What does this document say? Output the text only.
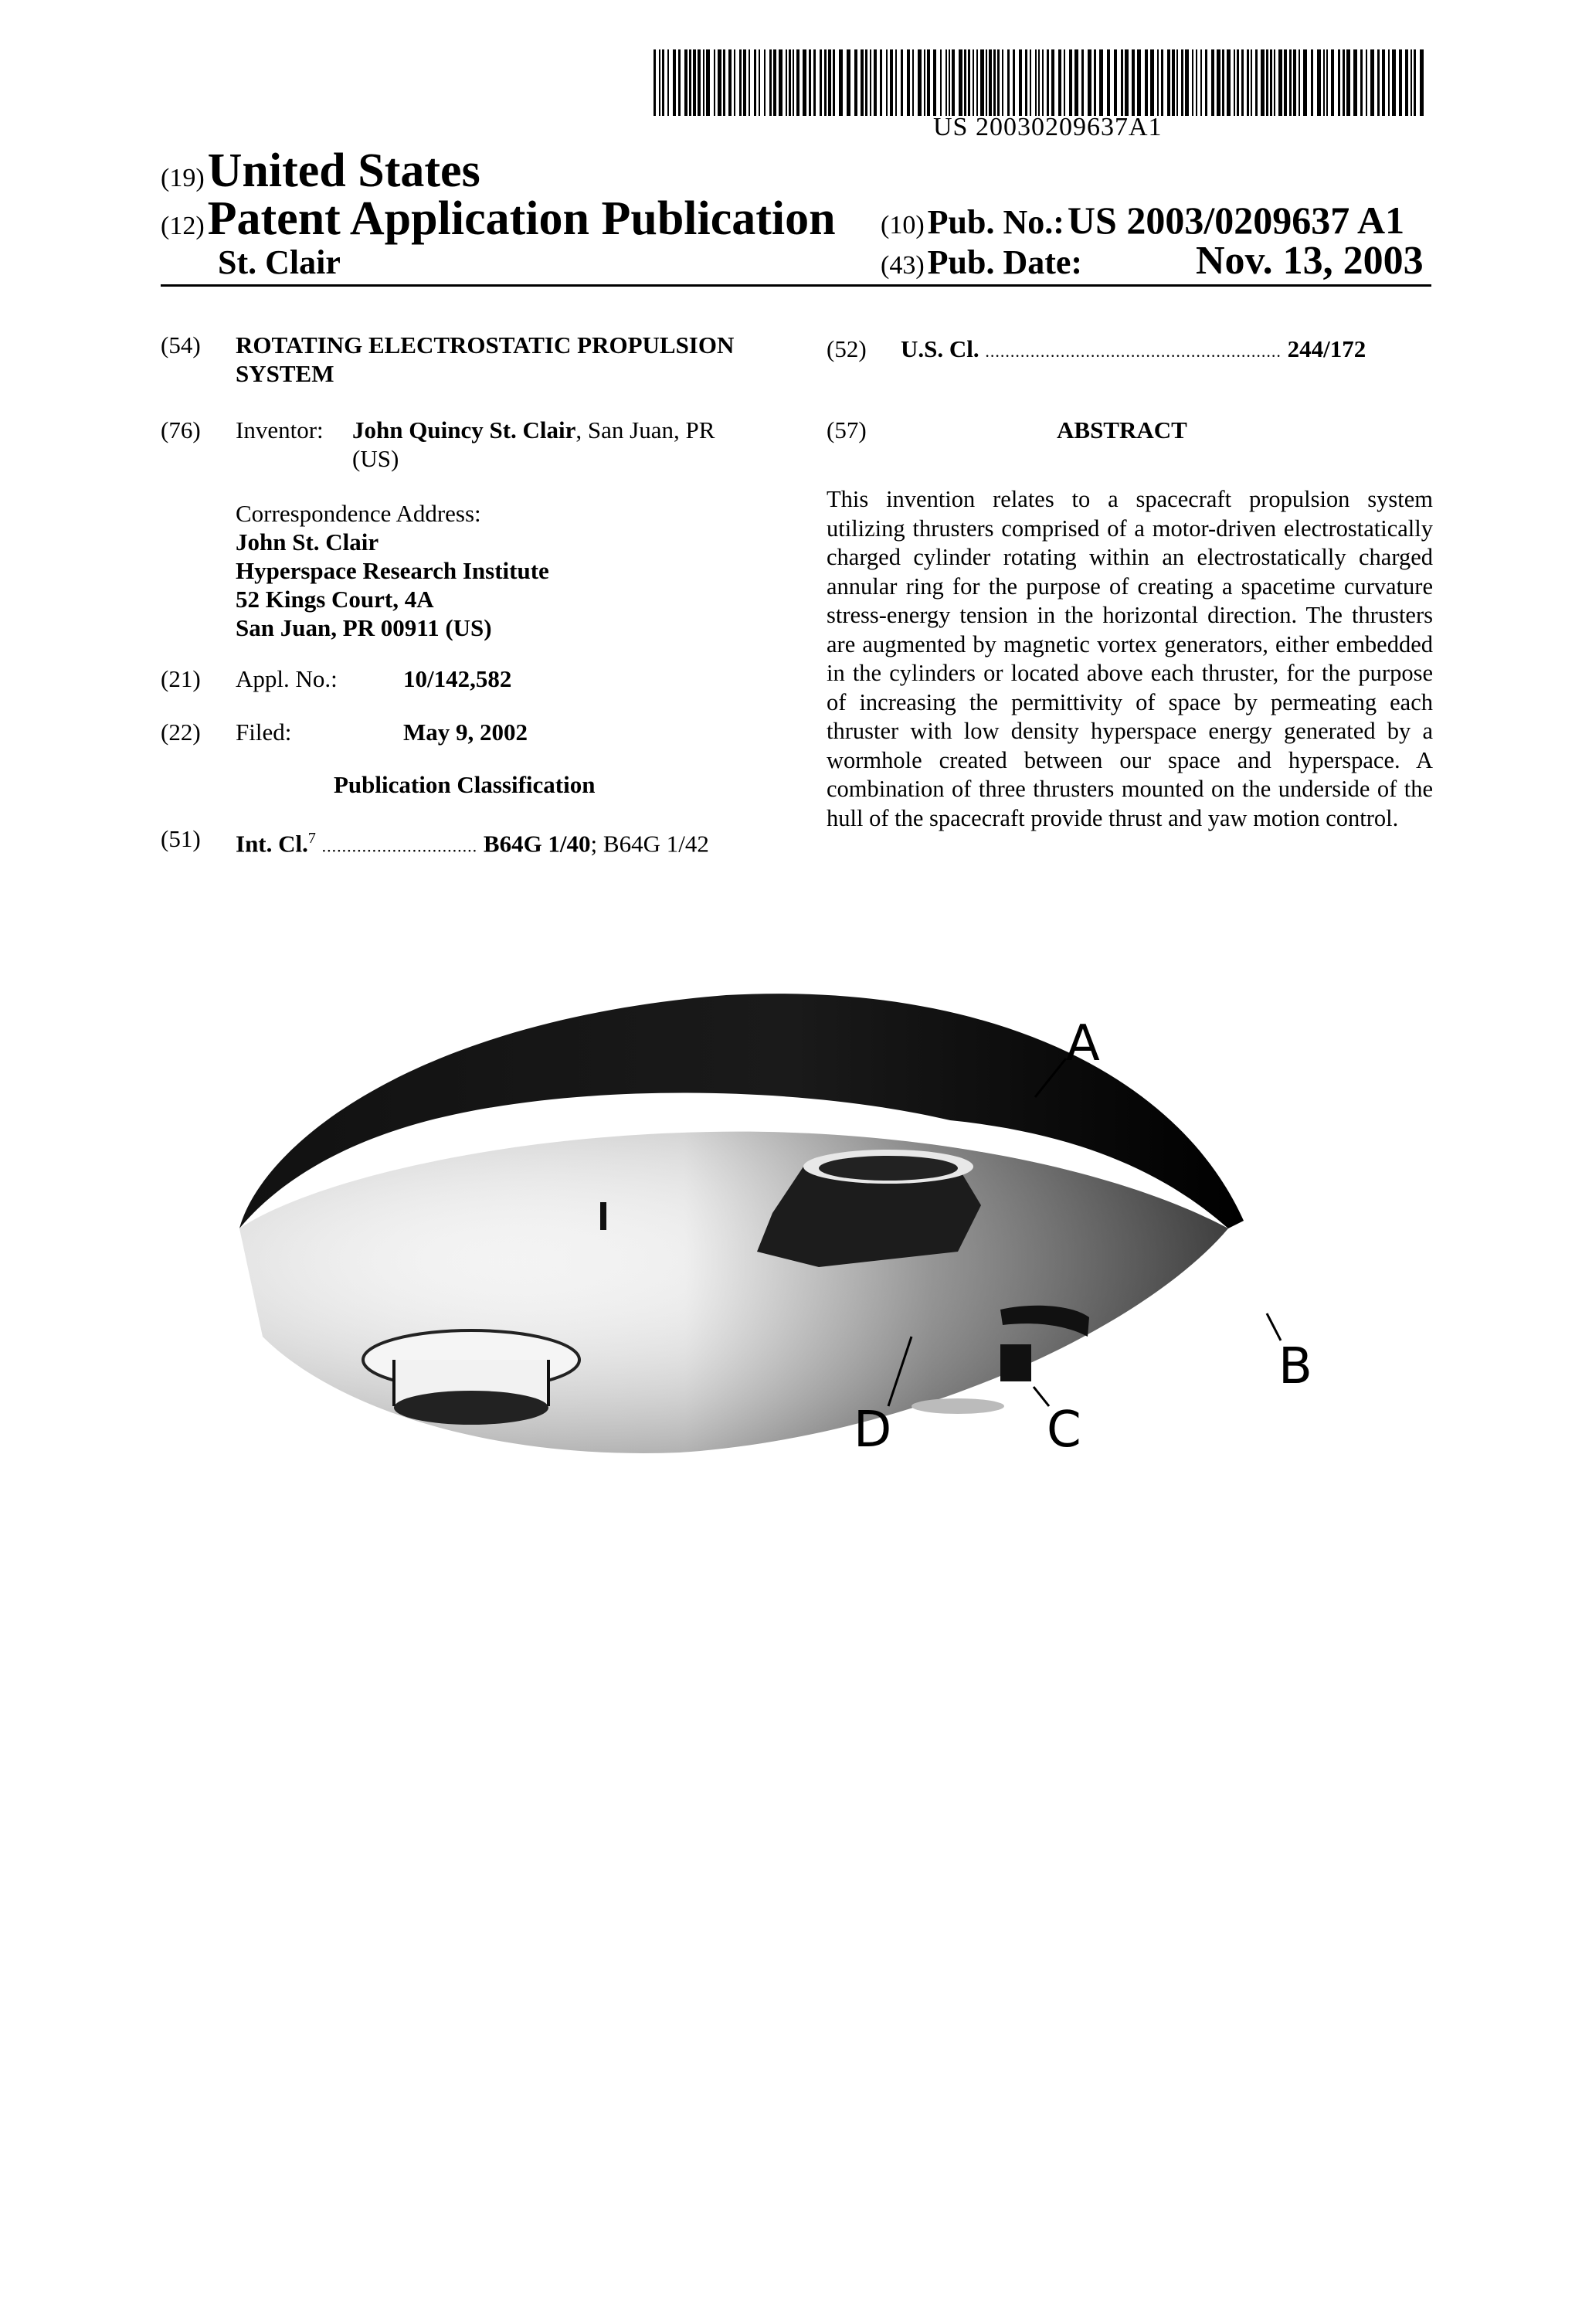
US 20030209637A1
(19) United States
(12) Patent Application Publication
St. Clair
(10) Pub. No.: US 2003/0209637 A1
(43) Pub. Date:	Nov. 13, 2003
(54) ROTATING ELECTROSTATIC PROPULSION
SYSTEM
(76) Inventor: John Quincy St. Clair, San Juan, PR
(US)
Correspondence Address:
John St. Clair
Hyperspace Research Institute
52 Kings Court, 4A
San Juan, PR 00911 (US)
(21) Appl. No.:	10/142,582
(22) Filed:	May 9, 2002
Publication Classification
(51) Int. Cl.$^7$ ............................... B64G 1/40; B64G 1/42
(52) U.S. Cl. ........................................................... 244/172
(57)	ABSTRACT
This invention relates to a spacecraft propulsion system utilizing thrusters comprised of a motor-driven electrostatically charged cylinder rotating within an electrostatically charged annular ring for the purpose of creating a spacetime curvature stress-energy tension in the horizontal direction. The thrusters are augmented by magnetic vortex generators, either embedded in the cylinders or located above each thruster, for the purpose of increasing the permittivity of space by permeating each thruster with low density hyperspace energy generated by a wormhole created between our space and hyperspace. A combination of three thrusters mounted on the underside of the hull of the spacecraft provide thrust and yaw motion control.
A
B
C
D
